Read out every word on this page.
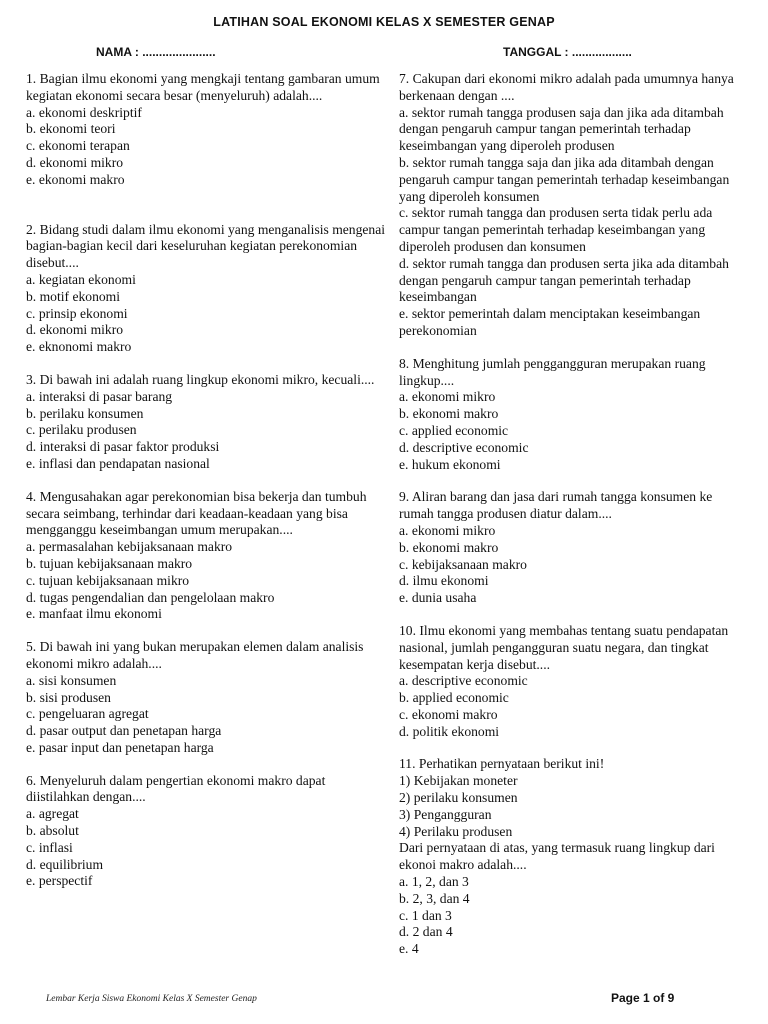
LATIHAN SOAL EKONOMI KELAS X SEMESTER GENAP
NAMA : ......................	TANGGAL : ..................

1. Bagian ilmu ekonomi yang mengkaji tentang gambaran umum kegiatan ekonomi secara besar (menyeluruh) adalah....

a. ekonomi deskriptif
b. ekonomi teori
c. ekonomi terapan
d. ekonomi mikro
e. ekonomi makro

2. Bidang studi dalam ilmu ekonomi yang menganalisis mengenai bagian-bagian kecil dari keseluruhan kegiatan perekonomian disebut....

a. kegiatan ekonomi
b. motif ekonomi
c. prinsip ekonomi
d. ekonomi mikro
e. eknonomi makro

3. Di bawah ini adalah ruang lingkup ekonomi mikro, kecuali....

a. interaksi di pasar barang
b. perilaku konsumen
c. perilaku produsen
d. interaksi di pasar faktor produksi
e. inflasi dan pendapatan nasional

4. Mengusahakan agar perekonomian bisa bekerja dan tumbuh secara seimbang, terhindar dari keadaan-keadaan yang bisa mengganggu keseimbangan umum merupakan....

a. permasalahan kebijaksanaan makro
b. tujuan kebijaksanaan makro
c. tujuan kebijaksanaan mikro
d. tugas pengendalian dan pengelolaan makro
e. manfaat ilmu ekonomi

5. Di bawah ini yang bukan merupakan elemen dalam analisis ekonomi mikro adalah....

a. sisi konsumen
b. sisi produsen
c. pengeluaran agregat
d. pasar output dan penetapan harga
e. pasar input dan penetapan harga

6. Menyeluruh dalam pengertian ekonomi makro dapat diistilahkan dengan....

a. agregat
b. absolut
c. inflasi
d. equilibrium
e. perspectif

7. Cakupan dari ekonomi mikro adalah pada umumnya hanya berkenaan dengan ....

a. sektor rumah tangga produsen saja dan jika ada ditambah dengan pengaruh campur tangan pemerintah terhadap keseimbangan yang diperoleh produsen
b. sektor rumah tangga saja dan jika ada ditambah dengan pengaruh campur tangan pemerintah terhadap keseimbangan yang diperoleh konsumen
c. sektor rumah tangga dan produsen serta tidak perlu ada campur tangan pemerintah terhadap keseimbangan yang diperoleh produsen dan konsumen
d. sektor rumah tangga dan produsen serta jika ada ditambah dengan pengaruh campur tangan pemerintah terhadap keseimbangan
e. sektor pemerintah dalam menciptakan keseimbangan perekonomian

8. Menghitung jumlah penggangguran merupakan ruang lingkup....

a. ekonomi mikro
b. ekonomi makro
c. applied economic
d. descriptive economic
e. hukum ekonomi

9. Aliran barang dan jasa dari rumah tangga konsumen ke rumah tangga produsen diatur dalam....

a. ekonomi mikro
b. ekonomi makro
c. kebijaksanaan makro
d. ilmu ekonomi
e. dunia usaha

10. Ilmu ekonomi yang membahas tentang suatu pendapatan nasional, jumlah pengangguran suatu negara, dan tingkat kesempatan kerja disebut....

a. descriptive economic
b. applied economic
c. ekonomi makro
d. politik ekonomi

11. Perhatikan pernyataan berikut ini!

1) Kebijakan moneter
2) perilaku konsumen
3) Pengangguran
4) Perilaku produsen
Dari pernyataan di atas, yang termasuk ruang lingkup dari ekonoi makro adalah....
a. 1, 2, dan 3
b. 2, 3, dan 4
c. 1 dan 3
d. 2 dan 4
e. 4
Lembar Kerja Siswa Ekonomi Kelas X Semester Genap	Page 1 of 9
